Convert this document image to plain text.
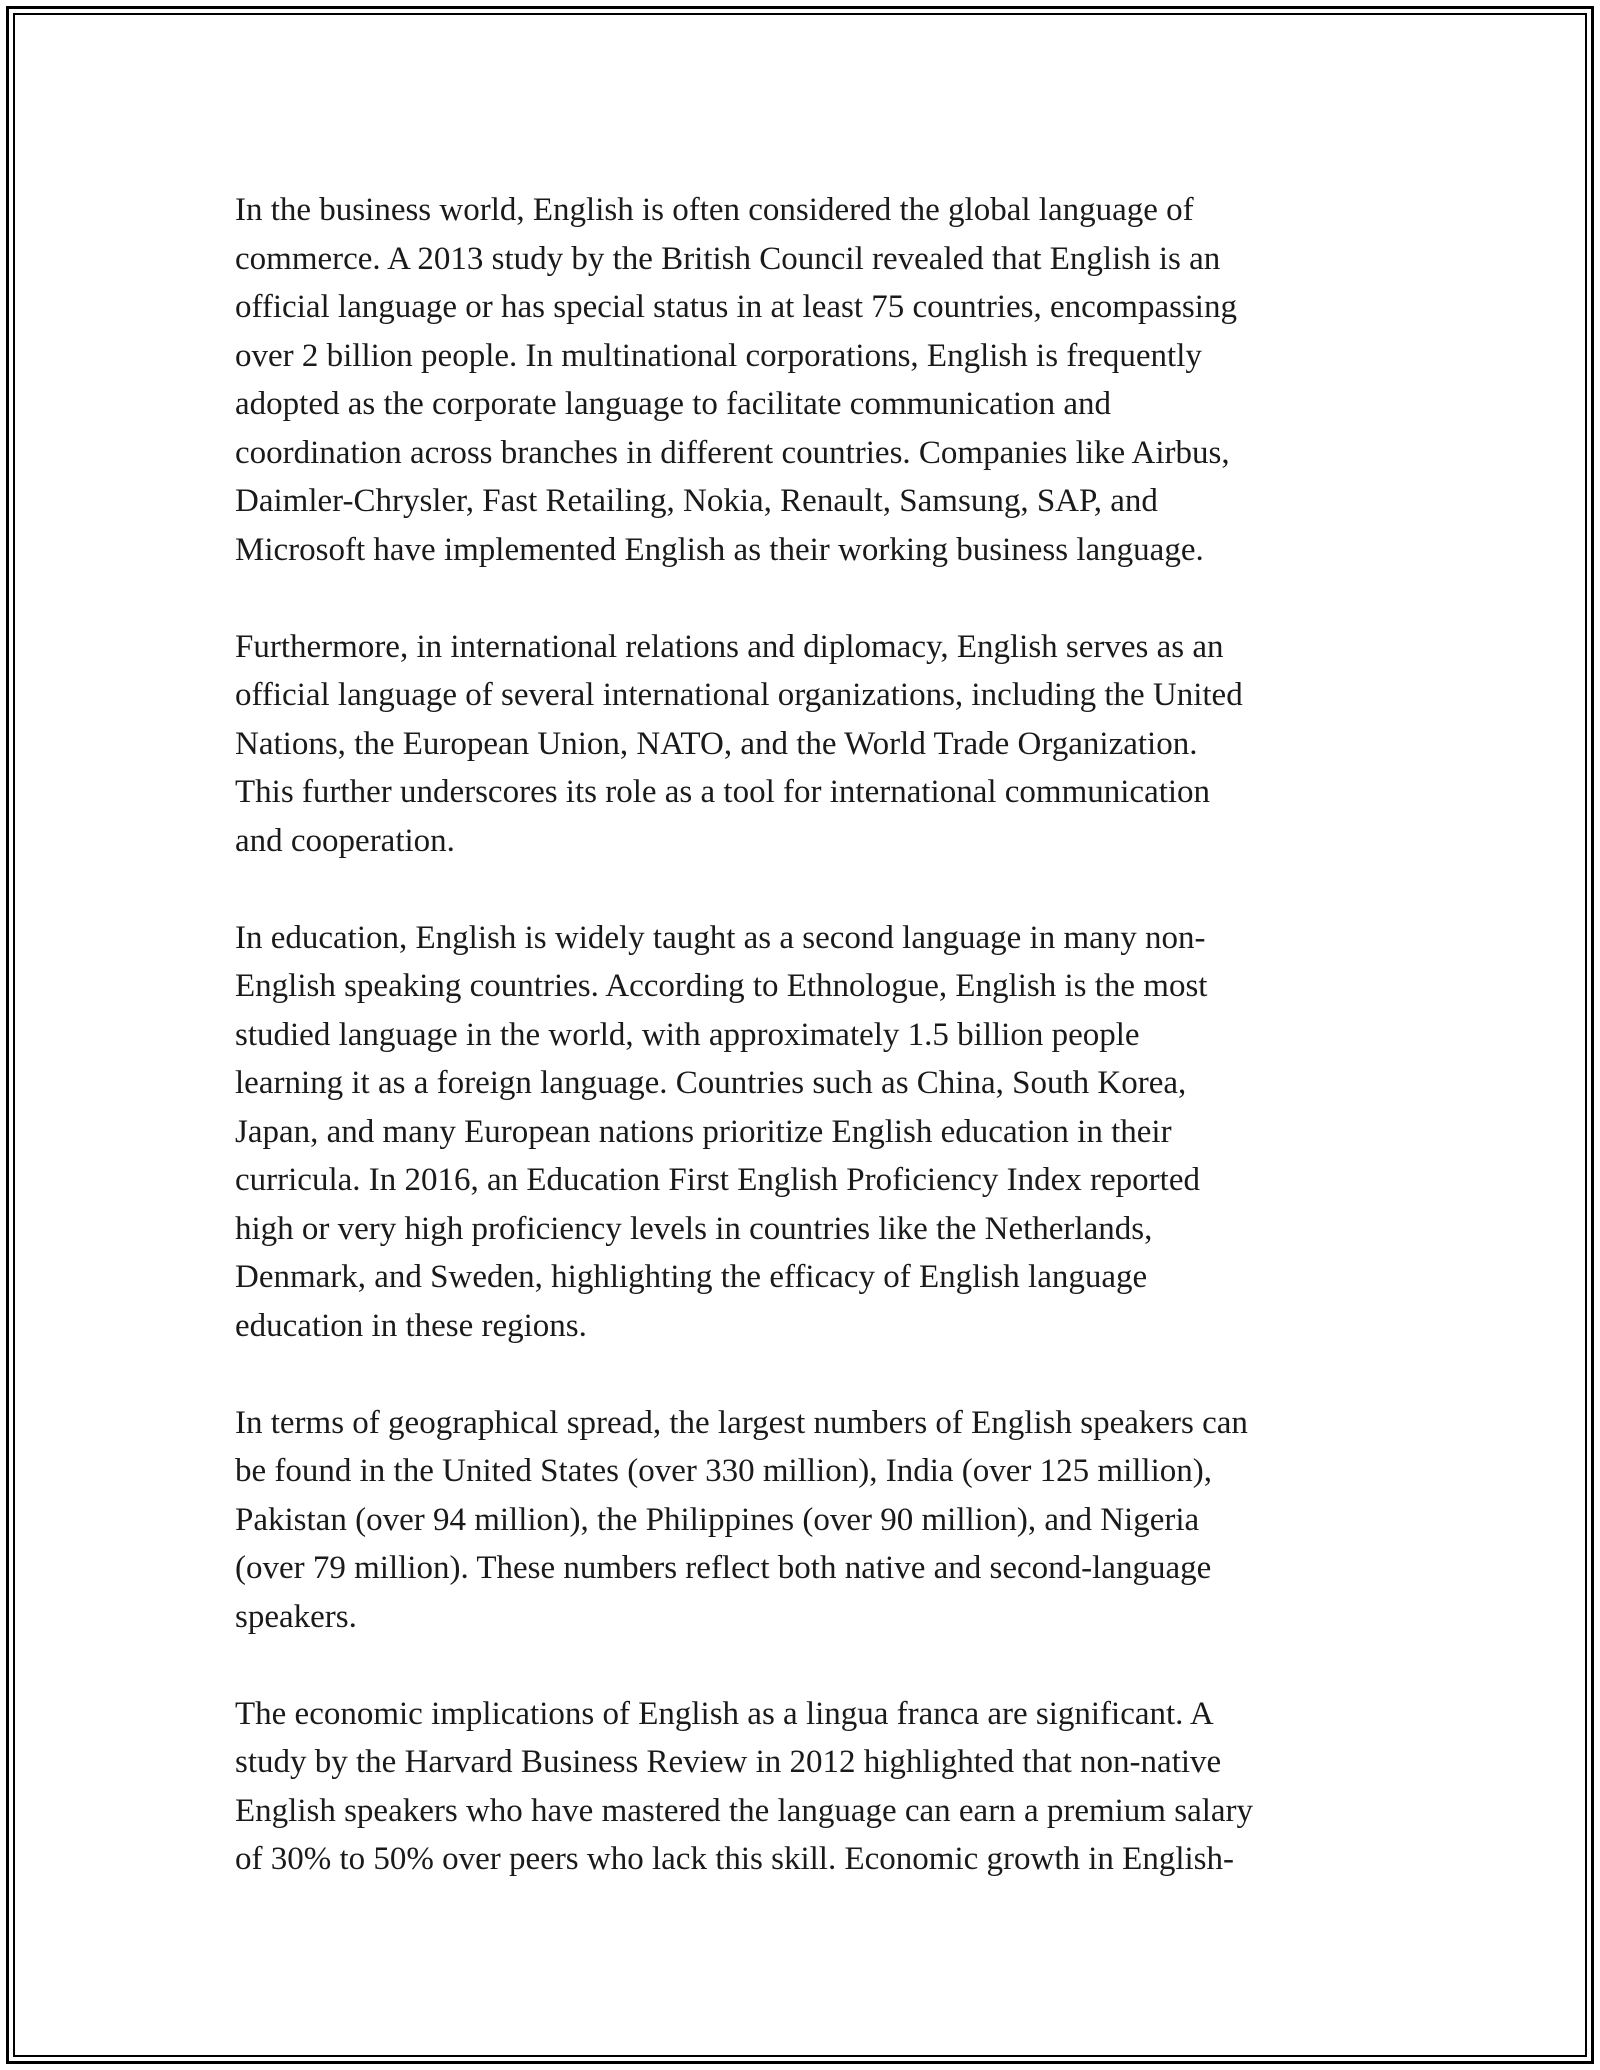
In the business world, English is often considered the global language of
commerce. A 2013 study by the British Council revealed that English is an
official language or has special status in at least 75 countries, encompassing
over 2 billion people. In multinational corporations, English is frequently
adopted as the corporate language to facilitate communication and
coordination across branches in different countries. Companies like Airbus,
Daimler-Chrysler, Fast Retailing, Nokia, Renault, Samsung, SAP, and
Microsoft have implemented English as their working business language.

Furthermore, in international relations and diplomacy, English serves as an
official language of several international organizations, including the United
Nations, the European Union, NATO, and the World Trade Organization.
This further underscores its role as a tool for international communication
and cooperation.

In education, English is widely taught as a second language in many non-
English speaking countries. According to Ethnologue, English is the most
studied language in the world, with approximately 1.5 billion people
learning it as a foreign language. Countries such as China, South Korea,
Japan, and many European nations prioritize English education in their
curricula. In 2016, an Education First English Proficiency Index reported
high or very high proficiency levels in countries like the Netherlands,
Denmark, and Sweden, highlighting the efficacy of English language
education in these regions.

In terms of geographical spread, the largest numbers of English speakers can
be found in the United States (over 330 million), India (over 125 million),
Pakistan (over 94 million), the Philippines (over 90 million), and Nigeria
(over 79 million). These numbers reflect both native and second-language
speakers.

The economic implications of English as a lingua franca are significant. A
study by the Harvard Business Review in 2012 highlighted that non-native
English speakers who have mastered the language can earn a premium salary
of 30% to 50% over peers who lack this skill. Economic growth in English-
